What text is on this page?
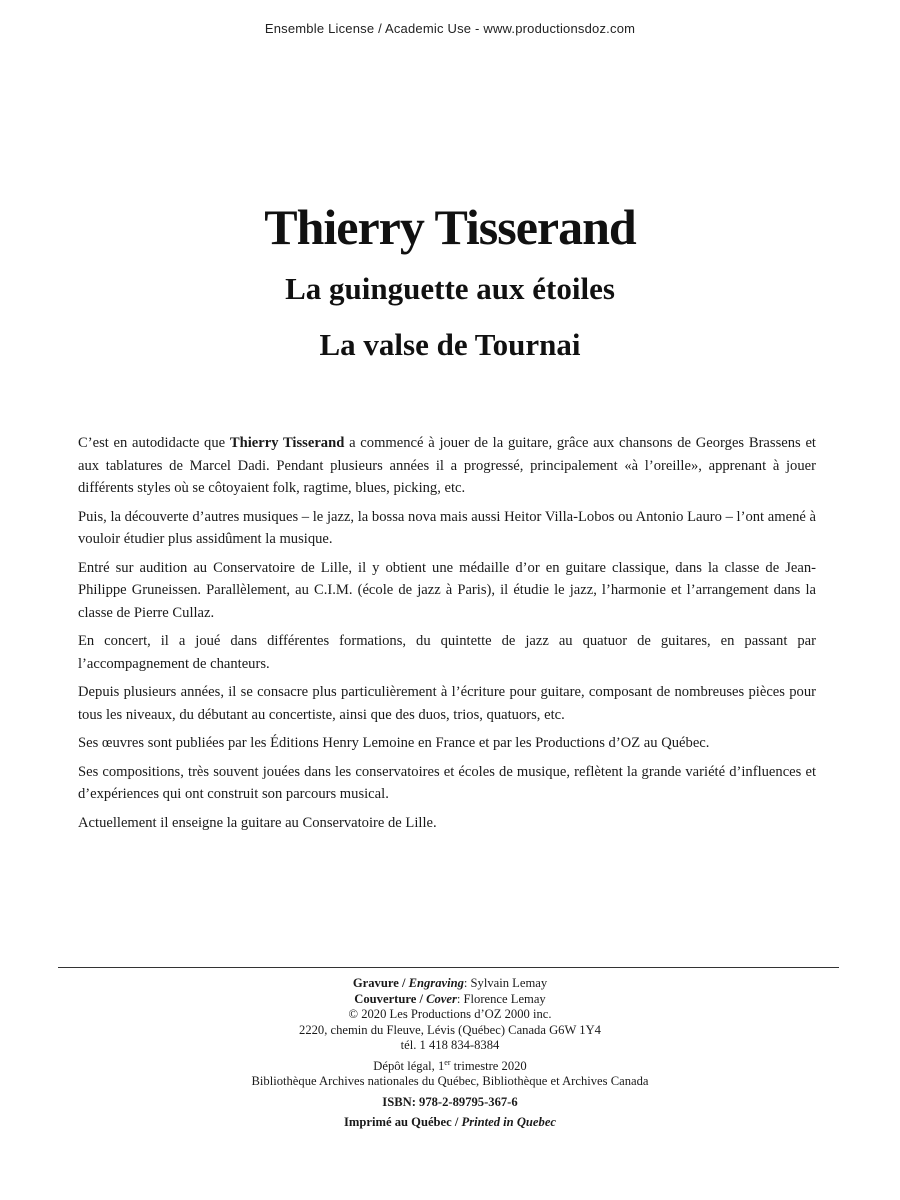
Ensemble License / Academic Use - www.productionsdoz.com
Thierry Tisserand
La guinguette aux étoiles
La valse de Tournai

C’est en autodidacte que Thierry Tisserand a commencé à jouer de la guitare, grâce aux chansons de Georges Brassens et aux tablatures de Marcel Dadi. Pendant plusieurs années il a progressé, principalement «à l’oreille», apprenant à jouer différents styles où se côtoyaient folk, ragtime, blues, picking, etc.

Puis, la découverte d’autres musiques – le jazz, la bossa nova mais aussi Heitor Villa-Lobos ou Antonio Lauro – l’ont amené à vouloir étudier plus assidûment la musique.

Entré sur audition au Conservatoire de Lille, il y obtient une médaille d’or en guitare classique, dans la classe de Jean-Philippe Gruneissen. Parallèlement, au C.I.M. (école de jazz à Paris), il étudie le jazz, l’harmonie et l’arrangement dans la classe de Pierre Cullaz.

En concert, il a joué dans différentes formations, du quintette de jazz au quatuor de guitares, en passant par l’accompagnement de chanteurs.

Depuis plusieurs années, il se consacre plus particulièrement à l’écriture pour guitare, composant de nombreuses pièces pour tous les niveaux, du débutant au concertiste, ainsi que des duos, trios, quatuors, etc.

Ses œuvres sont publiées par les Éditions Henry Lemoine en France et par les Productions d’OZ au Québec.

Ses compositions, très souvent jouées dans les conservatoires et écoles de musique, reflètent la grande variété d’influences et d’expériences qui ont construit son parcours musical.

Actuellement il enseigne la guitare au Conservatoire de Lille.

Gravure / Engraving: Sylvain Lemay
Couverture / Cover: Florence Lemay
© 2020 Les Productions d’OZ 2000 inc.
2220, chemin du Fleuve, Lévis (Québec) Canada G6W 1Y4
tél. 1 418 834-8384
Dépôt légal, 1er trimestre 2020
Bibliothèque Archives nationales du Québec, Bibliothèque et Archives Canada
ISBN: 978-2-89795-367-6
Imprimé au Québec / Printed in Quebec
